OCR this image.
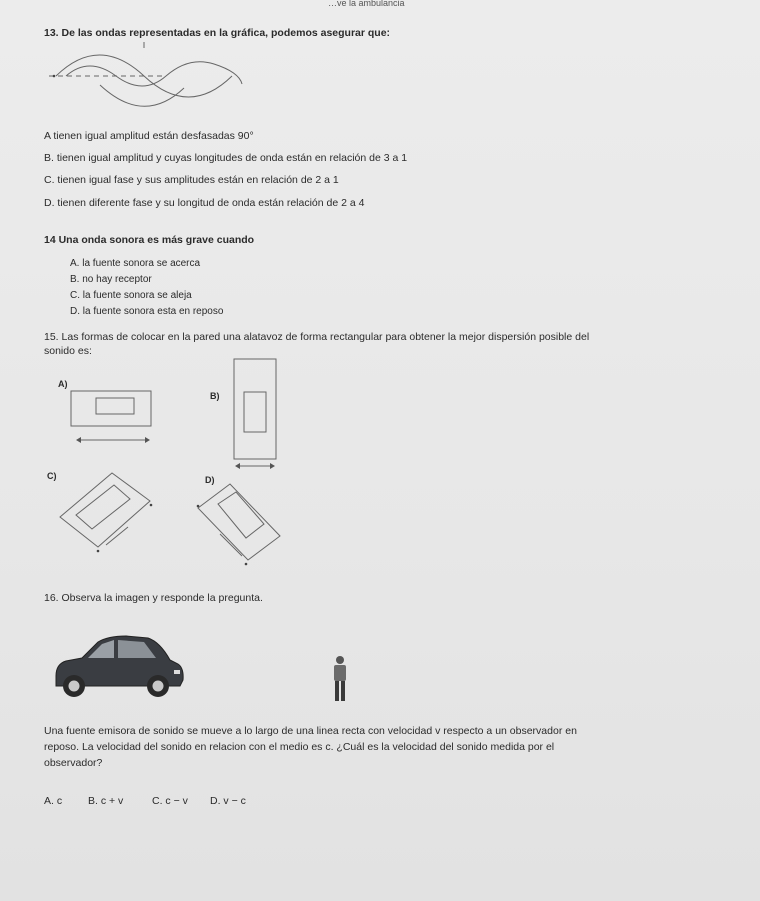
…ve la ambulancia
13. De las ondas representadas en la gráfica, podemos asegurar que:
A tienen igual amplitud están desfasadas 90°
B. tienen igual amplitud y cuyas longitudes de onda están en relación de 3 a 1
C. tienen igual fase y sus amplitudes están en relación de 2 a 1
D. tienen diferente fase y su longitud de onda están relación de 2 a 4
14 Una onda sonora es más grave cuando
A. la fuente sonora se acerca
B. no hay receptor
C. la fuente sonora se aleja
D. la fuente sonora esta en reposo
15. Las formas de colocar en la pared una alatavoz de forma rectangular para obtener la mejor dispersión posible del
sonido es:
A)
B)
C)	D)
16. Observa la imagen y responde la pregunta.
Una fuente emisora de sonido se mueve a lo largo de una linea recta con velocidad v respecto a un observador en
reposo. La velocidad del sonido en relacion con el medio es c. ¿Cuál es la velocidad del sonido medida por el
observador?
A. c B. c + v	C. c − v D. v − c
